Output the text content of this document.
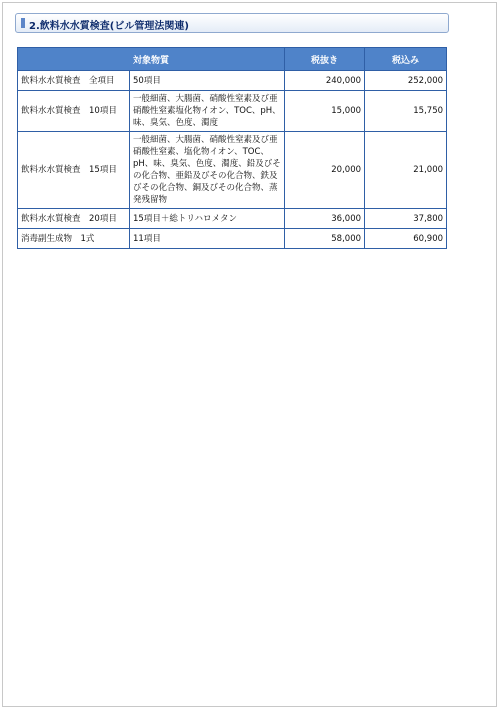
2.飲料水水質検査(ビル管理法関連)
対象物質		税抜き	税込み
飲料水水質検査　全項目	50項目	240,000	252,000
飲料水水質検査　10項目	一般細菌、大腸菌、硝酸性窒素及び亜硝酸性窒素塩化物イオン、TOC、pH、味、臭気、色度、濁度	15,000	15,750
飲料水水質検査　15項目	一般細菌、大腸菌、硝酸性窒素及び亜硝酸性窒素、塩化物イオン、TOC、pH、味、臭気、色度、濁度、鉛及びその化合物、亜鉛及びその化合物、鉄及びその化合物、銅及びその化合物、蒸発残留物	20,000	21,000
飲料水水質検査　20項目	15項目＋総トリハロメタン	36,000	37,800
消毒副生成物　1式	11項目	58,000	60,900
